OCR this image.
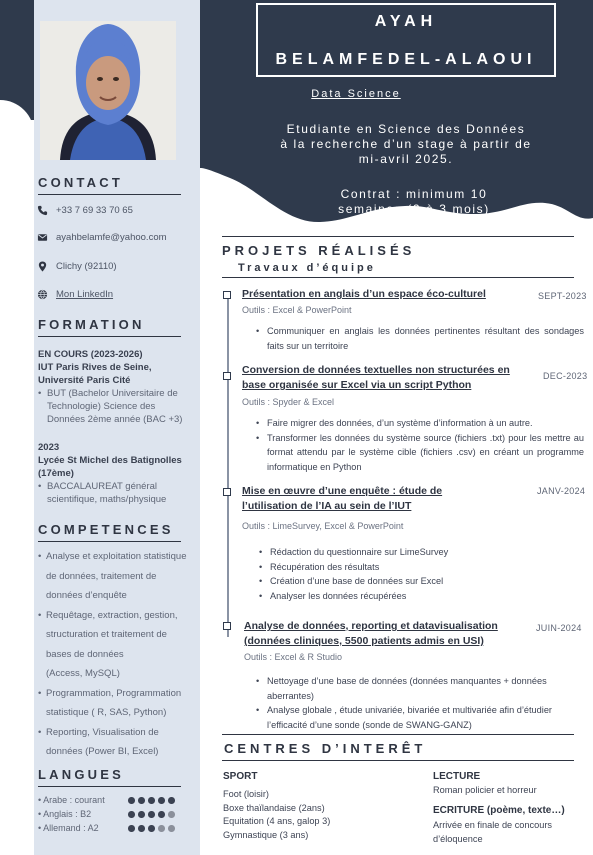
CONTACT
+33 7 69 33 70 65
ayahbelamfe@yahoo.com
Clichy (92110)
Mon LinkedIn
FORMATION
EN COURS (2023-2026)
IUT Paris Rives de Seine, Université Paris Cité
• BUT (Bachelor Universitaire de
Technologie) Science des
Données 2ème année (BAC +3)
2023
Lycée St Michel des Batignolles (17ème)
• BACCALAUREAT général
scientifique, maths/physique
COMPETENCES
• Analyse et exploitation statistique
de données, traitement de
données d’enquête
• Requêtage, extraction, gestion,
structuration et traitement de
bases de données
(Access, MySQL)
• Programmation, Programmation
statistique ( R, SAS, Python)
• Reporting, Visualisation de
données (Power BI, Excel)
LANGUES
• Arabe : courant
• Anglais : B2
• Allemand : A2
AYAH
BELAMFEDEL-ALAOUI
Data Science
Etudiante en Science des Données
à la recherche d’un stage à partir de
mi-avril 2025.
Contrat : minimum 10
semaines (2 à 3 mois)
PROJETS RÉALISÉS
Travaux d’équipe
Présentation en anglais d’un espace éco-culturel	SEPT-2023
Outils : Excel & PowerPoint
• Communiquer en anglais les données pertinentes résultant des sondages faits sur un territoire
Conversion de données textuelles non structurées en
base organisée sur Excel via un script Python
DEC-2023
Outils : Spyder & Excel
• Faire migrer des données, d’un système d’information à un autre.
• Transformer les données du système source (fichiers .txt) pour les mettre au format attendu par le système cible (fichiers .csv) en créant un programme informatique en Python
Mise en œuvre d’une enquête : étude de
l’utilisation de l’IA au sein de l’IUT
JANV-2024
Outils : LimeSurvey, Excel & PowerPoint
• Rédaction du questionnaire sur LimeSurvey
• Récupération des résultats
• Création d’une base de données sur Excel
• Analyser les données récupérées
Analyse de données, reporting et datavisualisation
(données cliniques, 5500 patients admis en USI)
JUIN-2024
Outils : Excel & R Studio
• Nettoyage d’une base de données (données manquantes + données aberrantes)
• Analyse globale , étude univariée, bivariée et multivariée afin d’étudier l’efficacité d’une sonde (sonde de SWANG-GANZ)
CENTRES D’INTERÊT
SPORT
Foot (loisir)
Boxe thaïlandaise (2ans)
Equitation (4 ans, galop 3)
Gymnastique (3 ans)
LECTURE
Roman policier et horreur
ECRITURE (poème, texte…)
Arrivée en finale de concours
d’éloquence
